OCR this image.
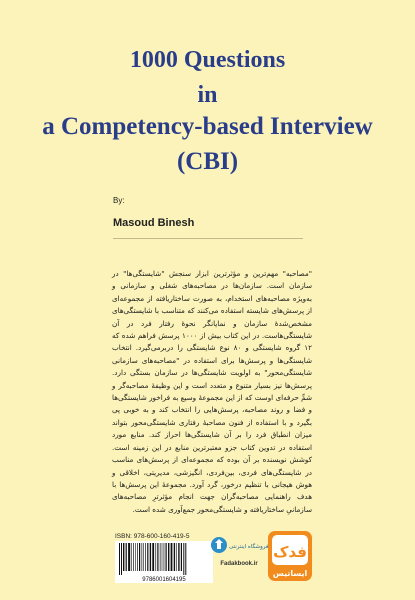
1000 Questions
in
a Competency-based Interview
(CBI)
By:
Masoud Binesh
"مصاحبه" مهم‌ترین و مؤثرترین ابزار سنجش "شایستگی‌ها" در سازمان است. سازمان‌ها در مصاحبه‌های شغلی و سازمانی و به‌ویژه مصاحبه‌های استخدام، به صورت ساختاریافته از مجموعه‌ای از پرسش‌های شایسته استفاده می‌کنند که متناسب با شایستگی‌های مشخص‌شدهٔ سازمان و نمایانگر نحوهٔ رفتار فرد در آن شایستگی‌هاست. در این کتاب بیش از ۱۰۰۰ پرسش فراهم شده که ۱۲ گروه شایستگی و ۸۰ نوع شایستگی را دربرمی‌گیرد. انتخاب شایستگی‌ها و پرسش‌ها برای استفاده در "مصاحبه‌های سازمانی شایستگی‌محور" به اولویت شایستگی‌ها در سازمان بستگی دارد. پرسش‌ها نیز بسیار متنوع و متعدد است و این وظیفهٔ مصاحبه‌گر و شمِّ حرفه‌ای اوست که از این مجموعهٔ وسیع به فراخور شایستگی‌ها و فضا و روند مصاحبه، پرسش‌هایی را انتخاب کند و به خوبی پی بگیرد و با استفاده از فنون مصاحبهٔ رفتاری شایستگی‌محور بتواند میزان انطباق فرد را بر آن شایستگی‌ها احراز کند. منابع مورد استفاده در تدوین کتاب جزو معتبرترین منابع در این زمینه است. کوشش نویسنده بر آن بوده که مجموعه‌ای از پرسش‌های مناسب در شایستگی‌های فردی، بین‌فردی، انگیزشی، مدیریتی، اخلاقی و هوش هیجانی با تنظیم درخور، گرد آورد. مجموعهٔ این پرسش‌ها با هدف راهنمایی مصاحبه‌گران جهت انجام مؤثرترِ مصاحبه‌های سازمانیِ ساختاریافته و شایستگی‌محور جمع‌آوری شده است.
ISBN: 978-600-160-419-5
9786001604195
فروشگاه اینترنتی
Fadakbook.ir
فدک
ایساتیس
